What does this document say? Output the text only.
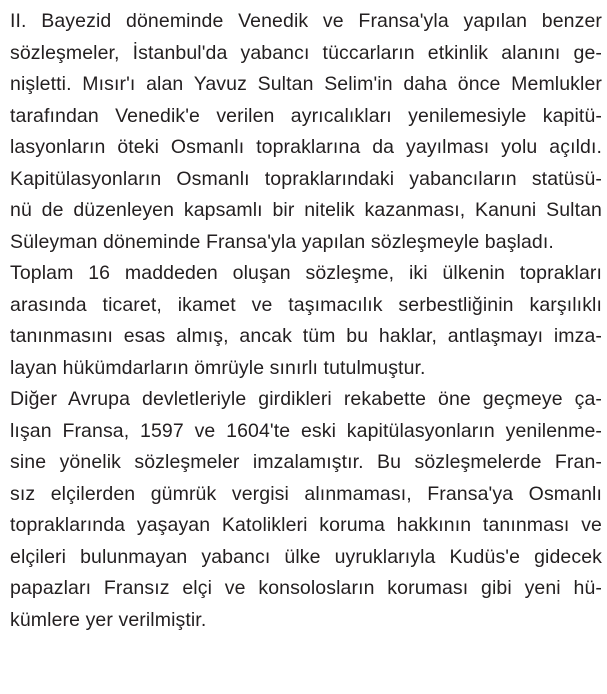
II. Bayezid döneminde Venedik ve Fransa'yla yapılan benzer
sözleşmeler, İstanbul'da yabancı tüccarların etkinlik alanını ge-
nişletti. Mısır'ı alan Yavuz Sultan Selim'in daha önce Memlukler
tarafından Venedik'e verilen ayrıcalıkları yenilemesiyle kapitü-
lasyonların öteki Osmanlı topraklarına da yayılması yolu açıldı.
Kapitülasyonların Osmanlı topraklarındaki yabancıların statüsü-
nü de düzenleyen kapsamlı bir nitelik kazanması, Kanuni Sultan
Süleyman döneminde Fransa'yla yapılan sözleşmeyle başladı.
Toplam 16 maddeden oluşan sözleşme, iki ülkenin toprakları
arasında ticaret, ikamet ve taşımacılık serbestliğinin karşılıklı
tanınmasını esas almış, ancak tüm bu haklar, antlaşmayı imza-
layan hükümdarların ömrüyle sınırlı tutulmuştur.
Diğer Avrupa devletleriyle girdikleri rekabette öne geçmeye ça-
lışan Fransa, 1597 ve 1604'te eski kapitülasyonların yenilenme-
sine yönelik sözleşmeler imzalamıştır. Bu sözleşmelerde Fran-
sız elçilerden gümrük vergisi alınmaması, Fransa'ya Osmanlı
topraklarında yaşayan Katolikleri koruma hakkının tanınması ve
elçileri bulunmayan yabancı ülke uyruklarıyla Kudüs'e gidecek
papazları Fransız elçi ve konsolosların koruması gibi yeni hü-
kümlere yer verilmiştir.
